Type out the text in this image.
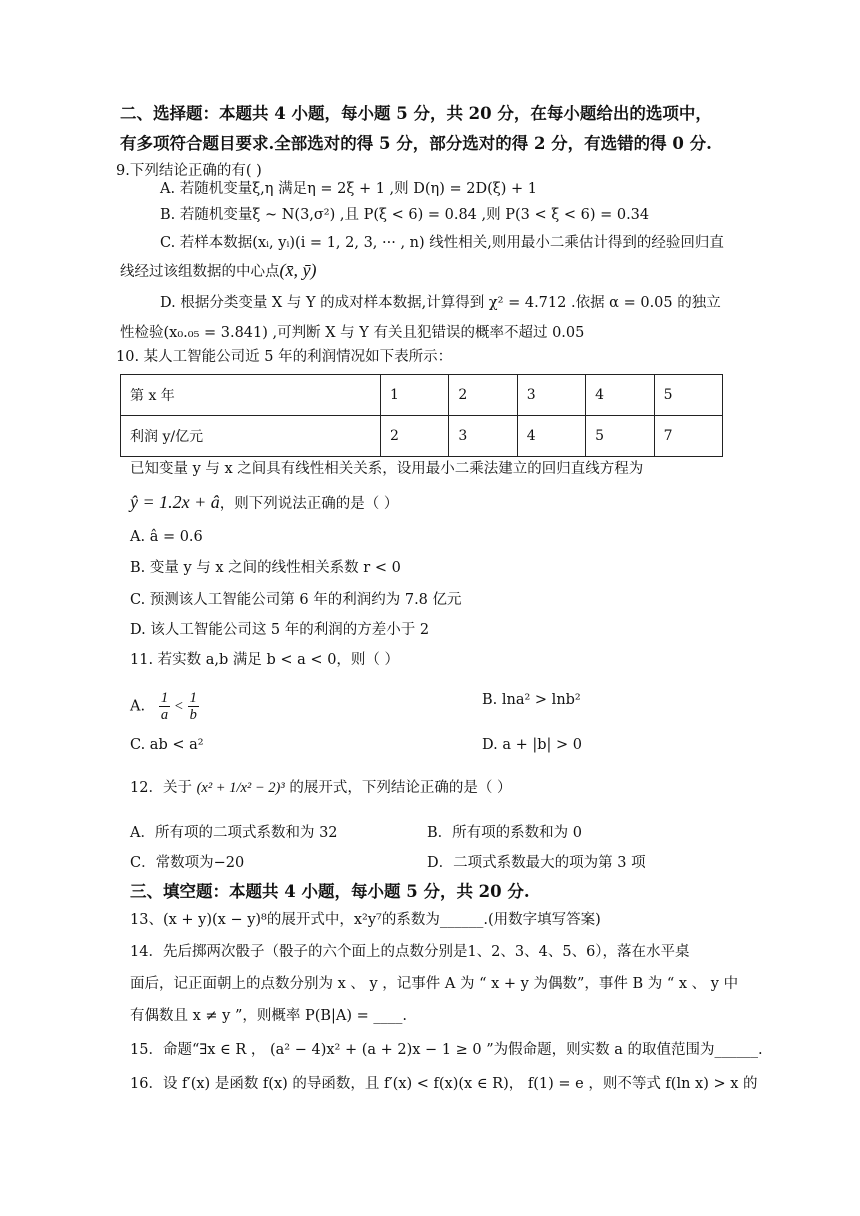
二、选择题：本题共 4 小题，每小题 5 分，共 20 分，在每小题给出的选项中，
有多项符合题目要求.全部选对的得 5 分，部分选对的得 2 分，有选错的得 0 分.
9.下列结论正确的有( )
A. 若随机变量ξ,η 满足η = 2ξ + 1 ,则 D(η) = 2D(ξ) + 1
B. 若随机变量ξ ~ N(3,σ²) ,且 P(ξ < 6) = 0.84 ,则 P(3 < ξ < 6) = 0.34
C. 若样本数据(xᵢ, yᵢ)(i = 1, 2, 3, ··· , n) 线性相关,则用最小二乘估计得到的经验回归直
线经过该组数据的中心点(x̄, ȳ)
D. 根据分类变量 X 与 Y 的成对样本数据,计算得到 χ² = 4.712 .依据 α = 0.05 的独立
性检验(x₀.₀₅ = 3.841) ,可判断 X 与 Y 有关且犯错误的概率不超过 0.05
10. 某人工智能公司近 5 年的利润情况如下表所示：
第 x 年	1	2	3	4	5
利润 y/亿元	2	3	4	5	7
已知变量 y 与 x 之间具有线性相关关系，设用最小二乘法建立的回归直线方程为
ŷ = 1.2x + â，则下列说法正确的是（ ）
A. â = 0.6
B. 变量 y 与 x 之间的线性相关系数 r < 0
C. 预测该人工智能公司第 6 年的利润约为 7.8 亿元
D. 该人工智能公司这 5 年的利润的方差小于 2
11. 若实数 a,b 满足 b < a < 0，则（ ）
A. $\frac{1}{a} < \frac{1}{b}$	B. lna² > lnb²
C. ab < a²	D. a + |b| > 0
12．关于 (x² + 1/x² − 2)³ 的展开式，下列结论正确的是（ ）
A．所有项的二项式系数和为 32	B．所有项的系数和为 0
C．常数项为−20	D．二项式系数最大的项为第 3 项
三、填空题：本题共 4 小题，每小题 5 分，共 20 分.
13、(x + y)(x − y)⁸的展开式中，x²y⁷的系数为______.(用数字填写答案)
14．先后掷两次骰子（骰子的六个面上的点数分别是1、2、3、4、5、6），落在水平桌
面后，记正面朝上的点数分别为 x 、 y ，记事件 A 为 “ x + y 为偶数”，事件 B 为 “ x 、 y 中
有偶数且 x ≠ y ”，则概率 P(B|A) = ____.
15．命题“∃x ∈ R ， (a² − 4)x² + (a + 2)x − 1 ≥ 0 ”为假命题，则实数 a 的取值范围为______.
16．设 f′(x) 是函数 f(x) 的导函数，且 f′(x) < f(x)(x ∈ R)， f(1) = e ，则不等式 f(ln x) > x 的
